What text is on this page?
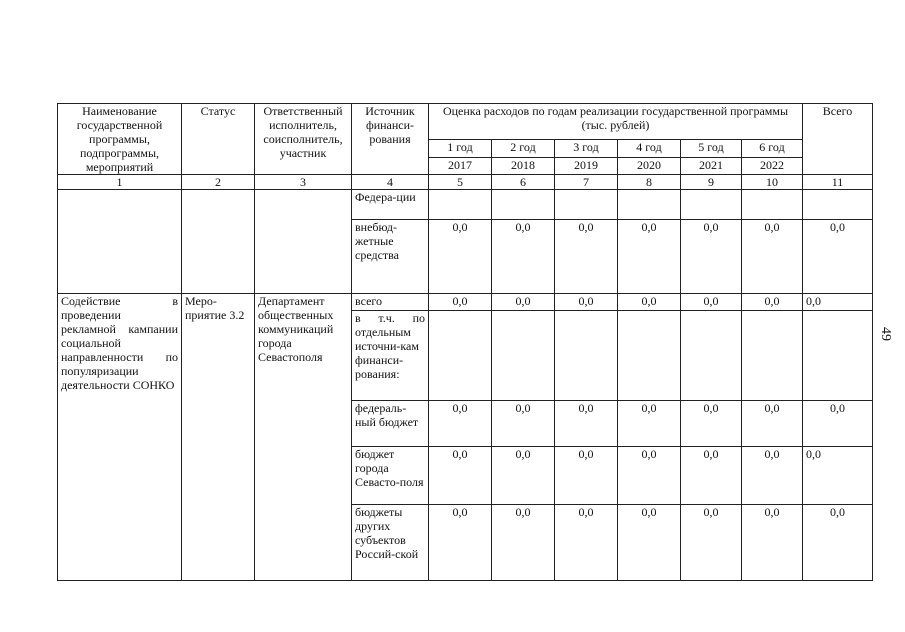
Наименование государственной программы, подпрограммы, мероприятий	Статус	Ответственный исполнитель, соисполнитель, участник	Источник финанси-рования	Оценка расходов по годам реализации государственной программы (тыс. рублей)						Всего
				1 год	2 год	3 год	4 год	5 год	6 год	
				2017	2018	2019	2020	2021	2022	
1	2	3	4	5	6	7	8	9	10	11
			Федера-ции							
			внебюд-жетные средства	0,0	0,0	0,0	0,0	0,0	0,0	0,0
Содействие в проведении рекламной кампании социальной направленности по популяризации деятельности СОНКО	Меро-приятие 3.2	Департамент общественных коммуникаций города Севастополя	всего	0,0	0,0	0,0	0,0	0,0	0,0	0,0
			в т.ч. по отдельным источни-кам финанси-рования:							
			федераль-ный бюджет	0,0	0,0	0,0	0,0	0,0	0,0	0,0
			бюджет города Севасто-поля	0,0	0,0	0,0	0,0	0,0	0,0	0,0
			бюджеты других субъектов Россий-ской	0,0	0,0	0,0	0,0	0,0	0,0	0,0
49
